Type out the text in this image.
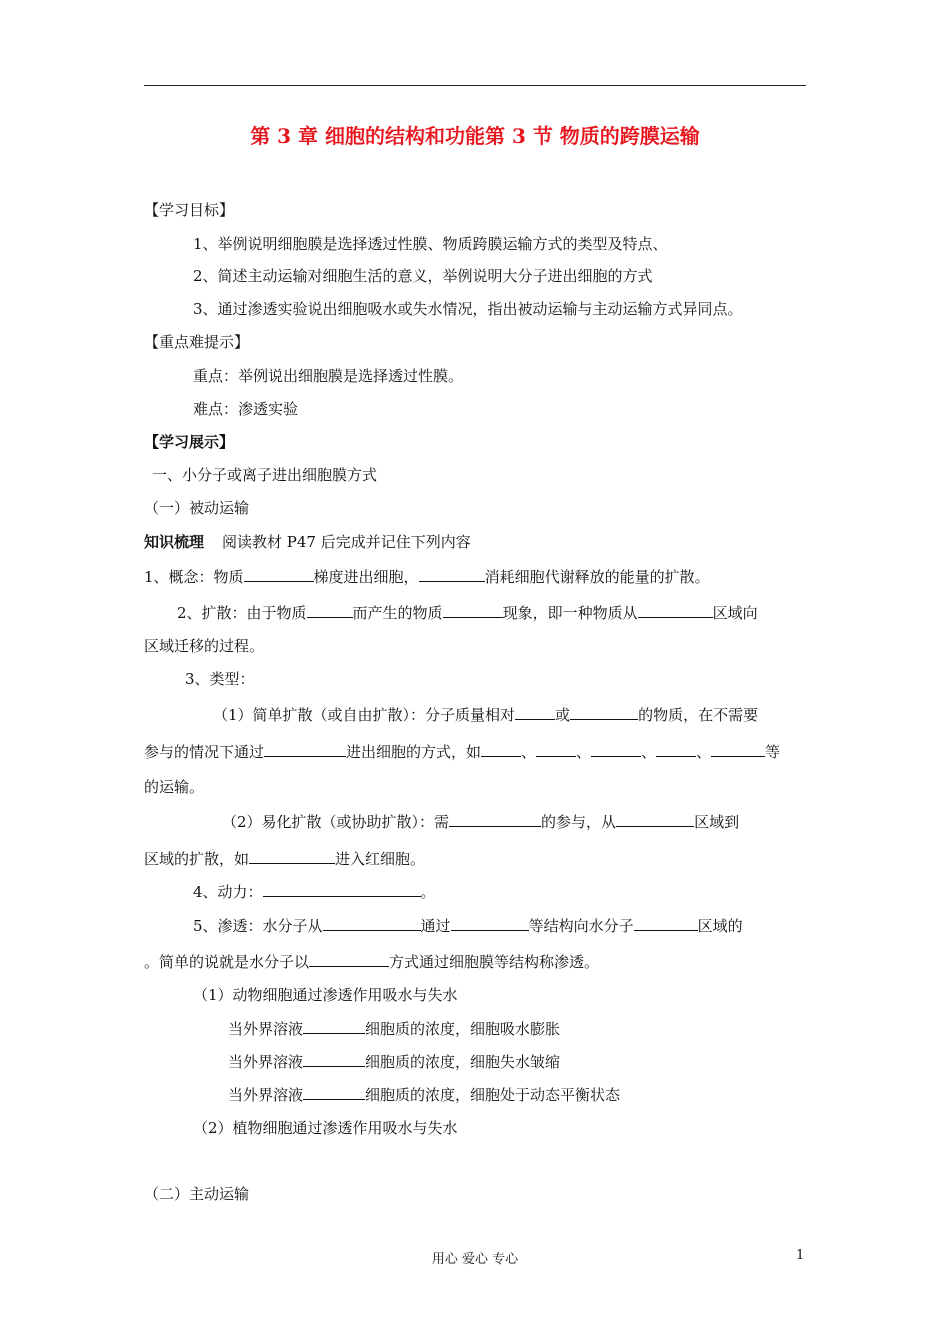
第 3 章 细胞的结构和功能第 3 节 物质的跨膜运输
【学习目标】
1、举例说明细胞膜是选择透过性膜、物质跨膜运输方式的类型及特点、
2、简述主动运输对细胞生活的意义，举例说明大分子进出细胞的方式
3、通过渗透实验说出细胞吸水或失水情况，指出被动运输与主动运输方式异同点。
【重点难提示】
重点：举例说出细胞膜是选择透过性膜。
难点：渗透实验
【学习展示】
一、小分子或离子进出细胞膜方式
（一）被动运输
知识梳理 阅读教材 P47 后完成并记住下列内容
1、概念：物质	梯度进出细胞，	消耗细胞代谢释放的能量的扩散。
2、扩散：由于物质	而产生的物质	现象，即一种物质从	区域向
区域迁移的过程。
3、类型：
（1）简单扩散（或自由扩散）：分子质量相对	或	的物质，在不需要
参与的情况下通过	进出细胞的方式，如	、	、	、	、	等
的运输。
（2）易化扩散（或协助扩散）：需	的参与，从	区域到
区域的扩散，如	进入红细胞。
4、动力：	。
5、渗透：水分子从	通过	等结构向水分子	区域的
。简单的说就是水分子以	方式通过细胞膜等结构称渗透。
（1）动物细胞通过渗透作用吸水与失水
当外界溶液	细胞质的浓度，细胞吸水膨胀
当外界溶液	细胞质的浓度，细胞失水皱缩
当外界溶液	细胞质的浓度，细胞处于动态平衡状态
（2）植物细胞通过渗透作用吸水与失水
（二）主动运输
用心 爱心 专心	1
